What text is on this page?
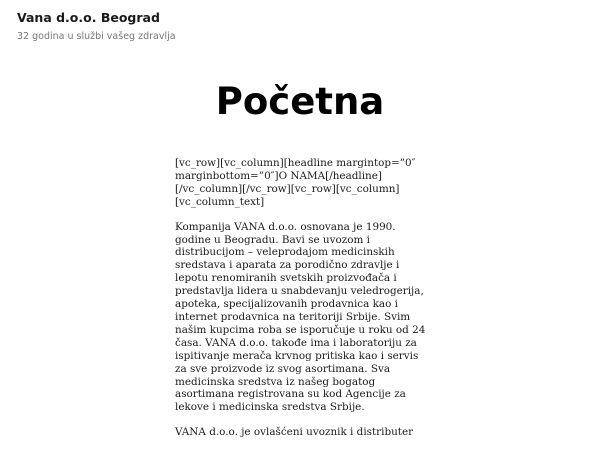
Vana d.o.o. Beograd
32 godina u službi vašeg zdravlja
Početna

[vc_row][vc_column][headline margintop=”0″ marginbottom=”0″]O NAMA[/headline][/vc_column][/vc_row][vc_row][vc_column][vc_column_text]

Kompanija VANA d.o.o. osnovana je 1990. godine u Beogradu. Bavi se uvozom i distribucijom – veleprodajom medicinskih sredstava i aparata za porodično zdravlje i lepotu renomiranih svetskih proizvođača i predstavlja lidera u snabdevanju veledrogerija, apoteka, specijalizovanih prodavnica kao i internet prodavnica na teritoriji Srbije. Svim našim kupcima roba se isporučuje u roku od 24 časa. VANA d.o.o. takođe ima i laboratoriju za ispitivanje merača krvnog pritiska kao i servis za sve proizvode iz svog asortimana. Sva medicinska sredstva iz našeg bogatog asortimana registrovana su kod Agencije za lekove i medicinska sredstva Srbije.

VANA d.o.o. je ovlašćeni uvoznik i distributer
